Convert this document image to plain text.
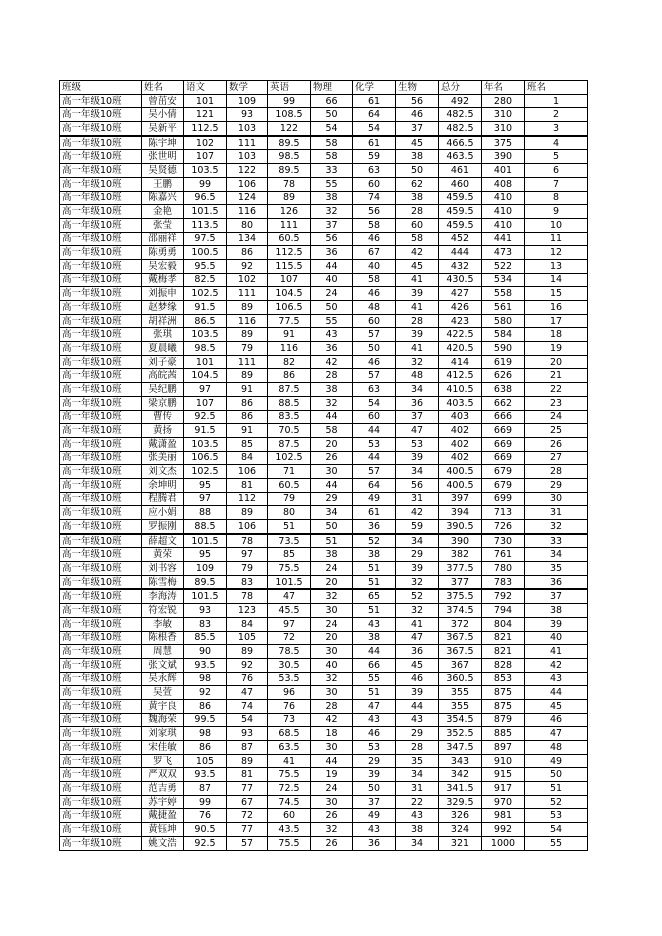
班级	姓名	语文	数学	英语	物理	化学	生物	总分	年名	班名
高一年级10班	曾茁安	101	109	99	66	61	56	492	280	1
高一年级10班	吴小倩	121	93	108.5	50	64	46	482.5	310	2
高一年级10班	吴新平	112.5	103	122	54	54	37	482.5	310	3
高一年级10班	陈宇坤	102	111	89.5	58	61	45	466.5	375	4
高一年级10班	张世明	107	103	98.5	58	59	38	463.5	390	5
高一年级10班	吴贤德	103.5	122	89.5	33	63	50	461	401	6
高一年级10班	王鹏	99	106	78	55	60	62	460	408	7
高一年级10班	陈嘉兴	96.5	124	89	38	74	38	459.5	410	8
高一年级10班	金艳	101.5	116	126	32	56	28	459.5	410	9
高一年级10班	张莹	113.5	80	111	37	58	60	459.5	410	10
高一年级10班	邵丽祥	97.5	134	60.5	56	46	58	452	441	11
高一年级10班	陈勇勇	100.5	86	112.5	36	67	42	444	473	12
高一年级10班	吴宏毅	95.5	92	115.5	44	40	45	432	522	13
高一年级10班	戴梅孝	82.5	102	107	40	58	41	430.5	534	14
高一年级10班	刘振申	102.5	111	104.5	24	46	39	427	558	15
高一年级10班	赵梦缘	91.5	89	106.5	50	48	41	426	561	16
高一年级10班	胡祥洲	86.5	116	77.5	55	60	28	423	580	17
高一年级10班	张琪	103.5	89	91	43	57	39	422.5	584	18
高一年级10班	夏晨曦	98.5	79	116	36	50	41	420.5	590	19
高一年级10班	刘子豪	101	111	82	42	46	32	414	619	20
高一年级10班	高皖茜	104.5	89	86	28	57	48	412.5	626	21
高一年级10班	吴纪鹏	97	91	87.5	38	63	34	410.5	638	22
高一年级10班	梁京鹏	107	86	88.5	32	54	36	403.5	662	23
高一年级10班	曹传	92.5	86	83.5	44	60	37	403	666	24
高一年级10班	黄扬	91.5	91	70.5	58	44	47	402	669	25
高一年级10班	戴潇盈	103.5	85	87.5	20	53	53	402	669	26
高一年级10班	张美丽	106.5	84	102.5	26	44	39	402	669	27
高一年级10班	刘文杰	102.5	106	71	30	57	34	400.5	679	28
高一年级10班	余坤明	95	81	60.5	44	64	56	400.5	679	29
高一年级10班	程腾君	97	112	79	29	49	31	397	699	30
高一年级10班	应小娟	88	89	80	34	61	42	394	713	31
高一年级10班	罗振刚	88.5	106	51	50	36	59	390.5	726	32
高一年级10班	薛超文	101.5	78	73.5	51	52	34	390	730	33
高一年级10班	黄荣	95	97	85	38	38	29	382	761	34
高一年级10班	刘书容	109	79	75.5	24	51	39	377.5	780	35
高一年级10班	陈雪梅	89.5	83	101.5	20	51	32	377	783	36
高一年级10班	李海涛	101.5	78	47	32	65	52	375.5	792	37
高一年级10班	符宏锐	93	123	45.5	30	51	32	374.5	794	38
高一年级10班	李敏	83	84	97	24	43	41	372	804	39
高一年级10班	陈根香	85.5	105	72	20	38	47	367.5	821	40
高一年级10班	周慧	90	89	78.5	30	44	36	367.5	821	41
高一年级10班	张文斌	93.5	92	30.5	40	66	45	367	828	42
高一年级10班	吴永辉	98	76	53.5	32	55	46	360.5	853	43
高一年级10班	吴萱	92	47	96	30	51	39	355	875	44
高一年级10班	黄宇良	86	74	76	28	47	44	355	875	45
高一年级10班	魏海荣	99.5	54	73	42	43	43	354.5	879	46
高一年级10班	刘家琪	98	93	68.5	18	46	29	352.5	885	47
高一年级10班	宋佳敏	86	87	63.5	30	53	28	347.5	897	48
高一年级10班	罗飞	105	89	41	44	29	35	343	910	49
高一年级10班	严双双	93.5	81	75.5	19	39	34	342	915	50
高一年级10班	范吉勇	87	77	72.5	24	50	31	341.5	917	51
高一年级10班	苏宇婷	99	67	74.5	30	37	22	329.5	970	52
高一年级10班	戴捷盈	76	72	60	26	49	43	326	981	53
高一年级10班	黄钰坤	90.5	77	43.5	32	43	38	324	992	54
高一年级10班	姚文浩	92.5	57	75.5	26	36	34	321	1000	55
